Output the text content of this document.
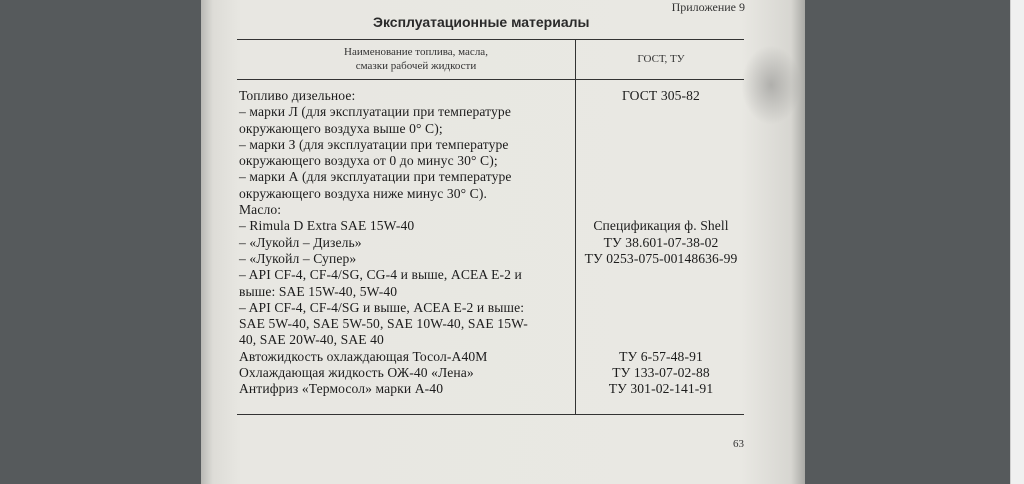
Приложение 9
Эксплуатационные материалы
Наименование топлива, масла,
смазки рабочей жидкости
ГОСТ, ТУ
Топливо дизельное:
– марки Л (для эксплуатации при температуре
окружающего воздуха выше 0° С);
– марки З (для эксплуатации при температуре
окружающего воздуха от 0 до минус 30° С);
– марки А (для эксплуатации при температуре
окружающего воздуха ниже минус 30° С).
Масло:
– Rimula D Extra SAE 15W-40
– «Лукойл – Дизель»
– «Лукойл – Супер»
– API CF-4, CF-4/SG, CG-4 и выше, ACEA E-2 и
выше: SAE 15W-40, 5W-40
– API CF-4, CF-4/SG и выше, ACEA E-2 и выше:
SAE 5W-40, SAE 5W-50, SAE 10W-40, SAE 15W-
40, SAE 20W-40, SAE 40
Автожидкость охлаждающая Тосол-А40М
Охлаждающая жидкость ОЖ-40 «Лена»
Антифриз «Термосол» марки А-40
ГОСТ 305-82

Спецификация ф. Shell
ТУ 38.601-07-38-02
ТУ 0253-075-00148636-99

ТУ 6-57-48-91
ТУ 133-07-02-88
ТУ 301-02-141-91
63
